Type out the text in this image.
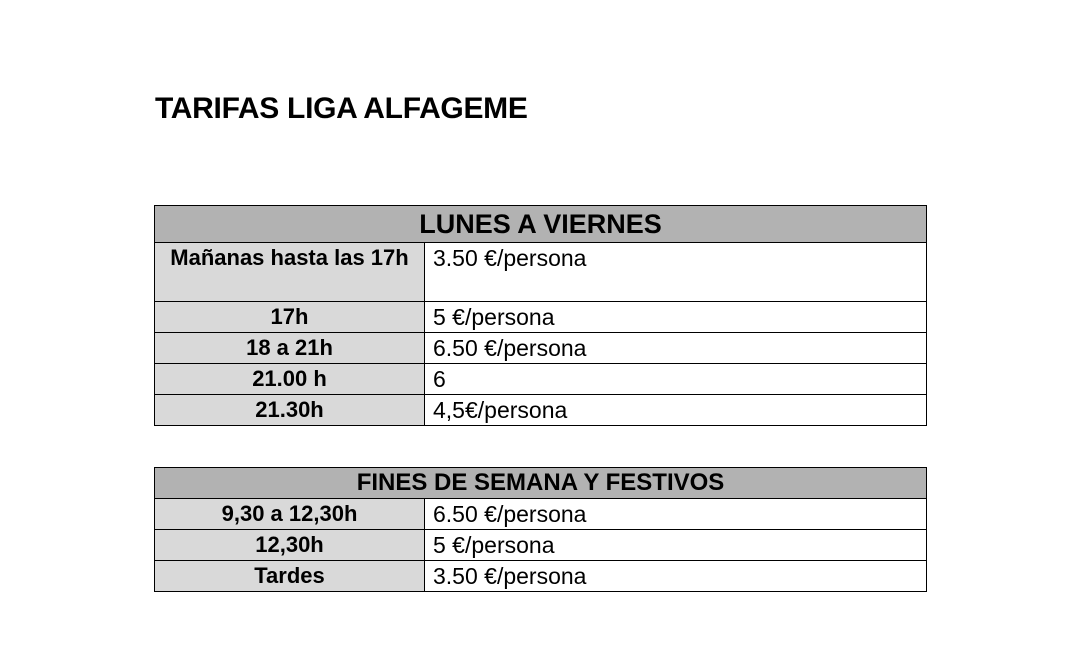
TARIFAS LIGA ALFAGEME
LUNES A VIERNES	
Mañanas hasta las 17h	3.50 €/persona
17h	5 €/persona
18 a 21h	6.50 €/persona
21.00 h	6
21.30h	4,5€/persona
FINES DE SEMANA Y FESTIVOS	
9,30 a 12,30h	6.50 €/persona
12,30h	5 €/persona
Tardes	3.50 €/persona
